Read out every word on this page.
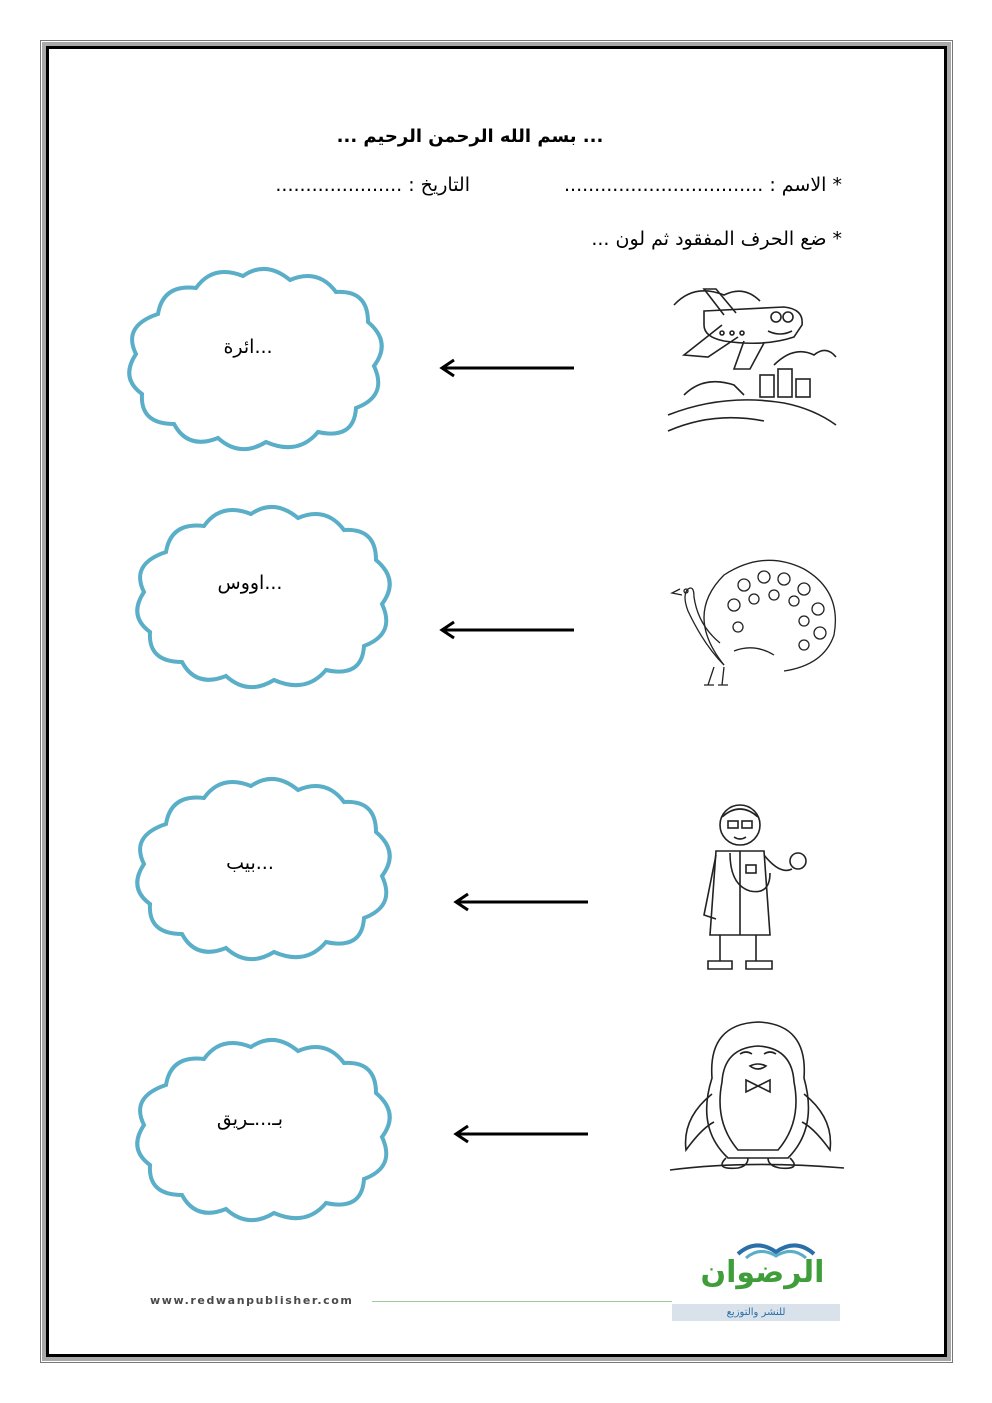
... بسم الله الرحمن الرحيم ...
* الاسم : .................................
التاريخ : .....................
* ضع الحرف المفقود ثم لون ...
...ائرة
...اووس
...بيب
بـ...ـريق
www.redwanpublisher.com
الرضوان
للنشر والتوزيع
